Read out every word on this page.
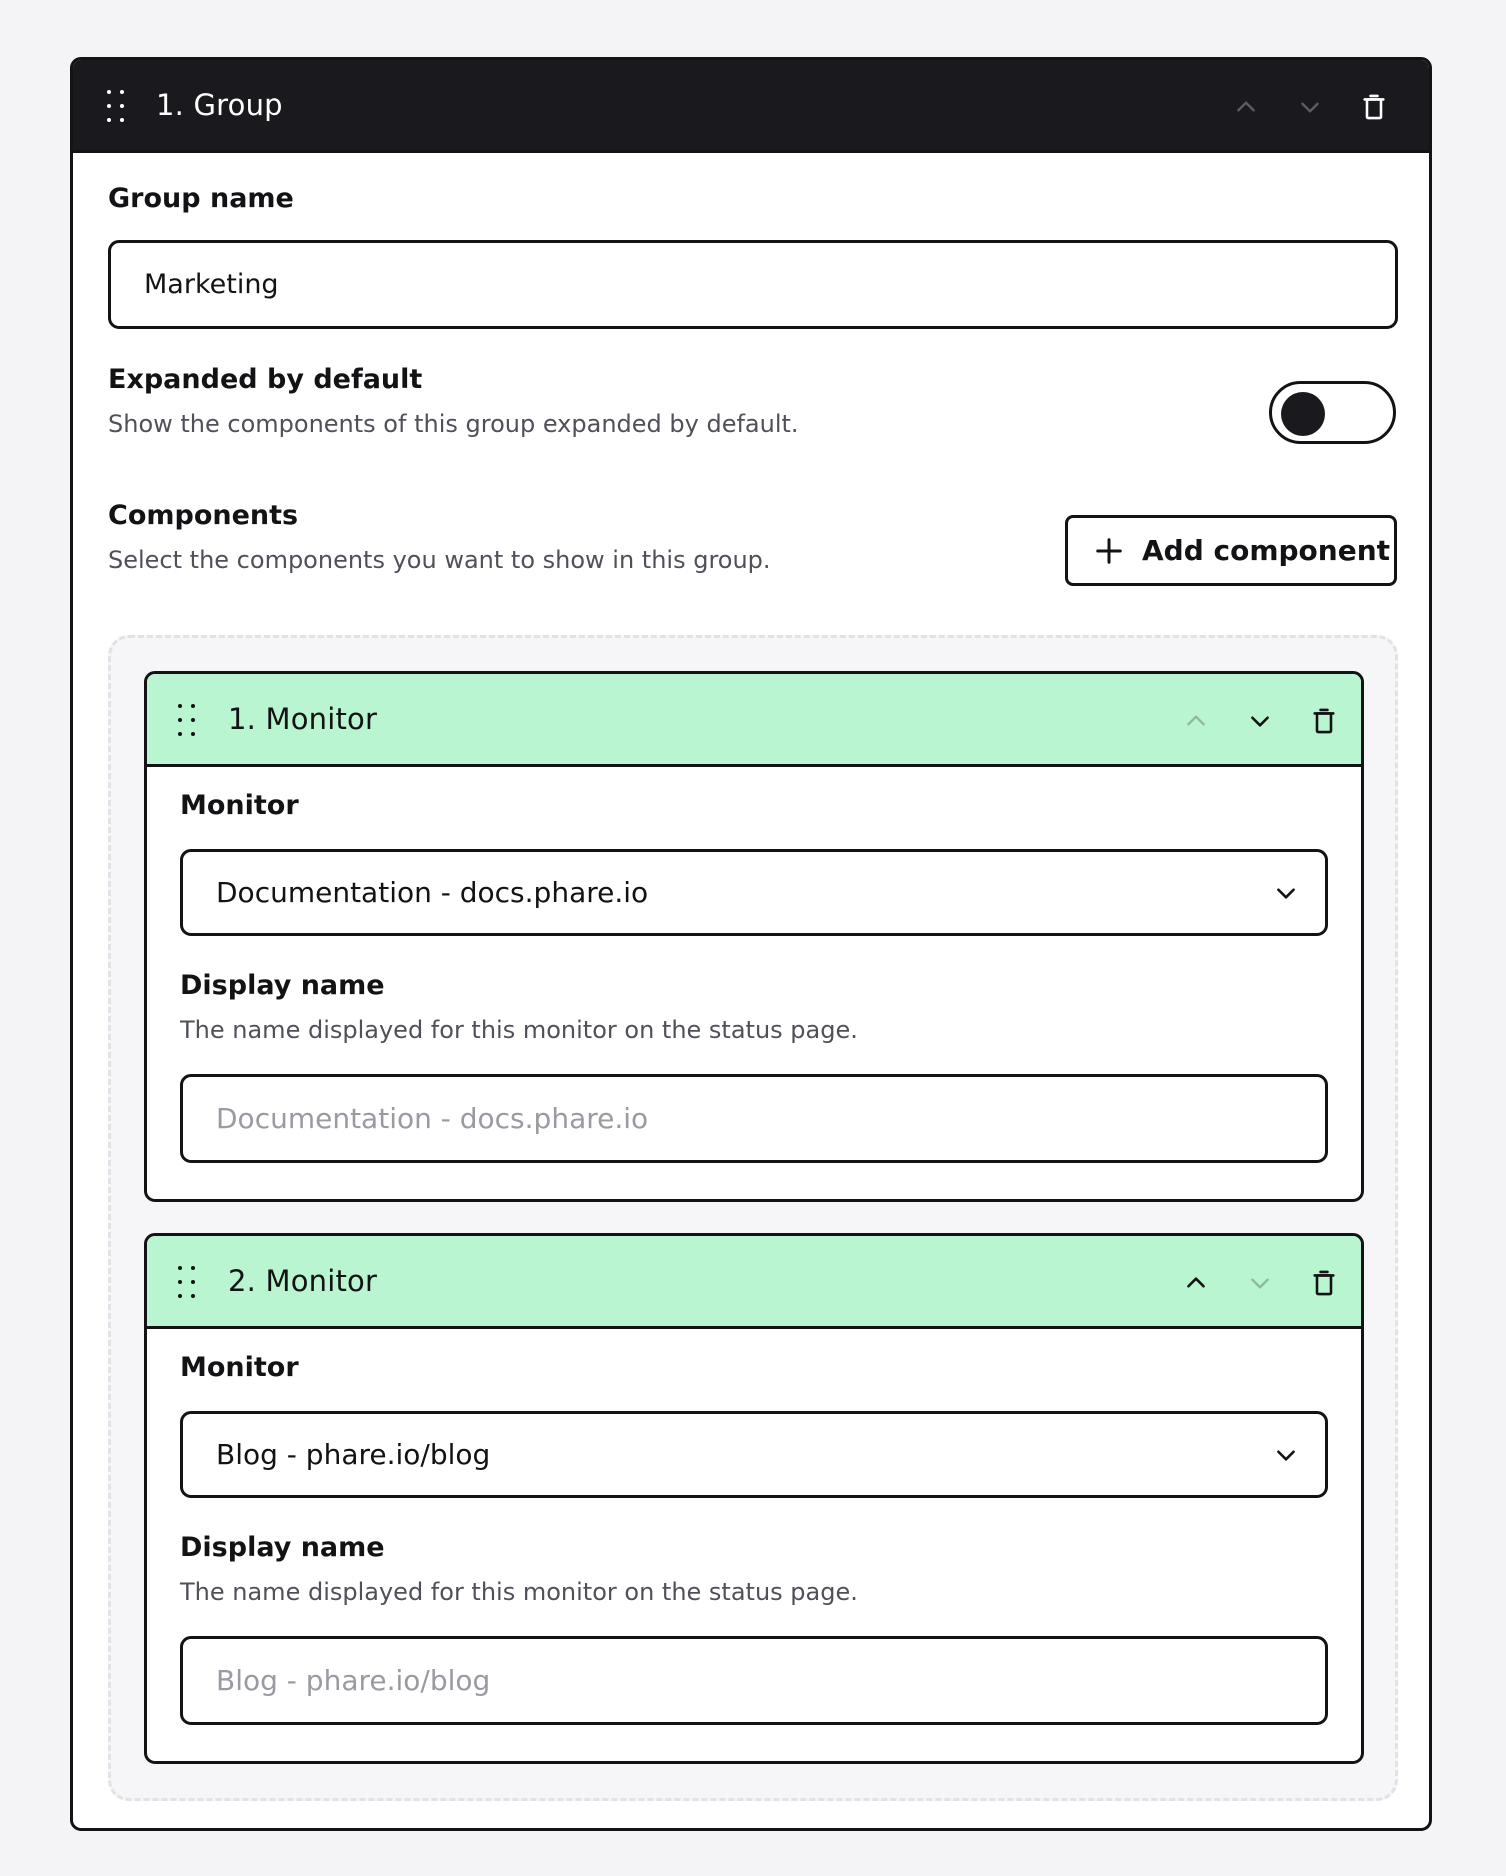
1. Group
Group name
Marketing
Expanded by default
Show the components of this group expanded by default.
Components
Select the components you want to show in this group.	Add component
1. Monitor
Monitor
Documentation - docs.phare.io
Display name
The name displayed for this monitor on the status page.
Documentation - docs.phare.io
2. Monitor
Monitor
Blog - phare.io/blog
Display name
The name displayed for this monitor on the status page.
Blog - phare.io/blog
